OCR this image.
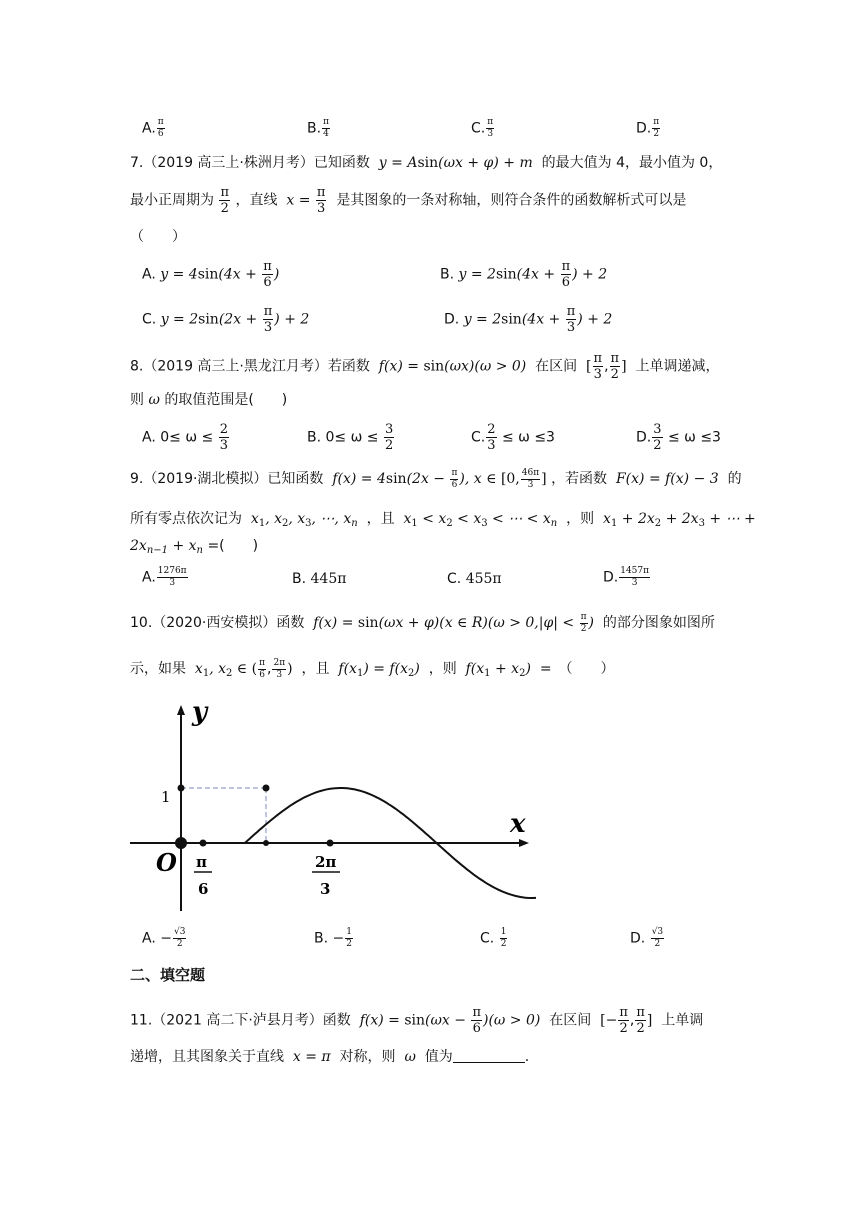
A. $\frac{\pi}{6}$	B. $\frac{\pi}{4}$	C. $\frac{\pi}{3}$	D. $\frac{\pi}{2}$
7.（2019 高三上·株洲月考）已知函数  y = Asin(ωx + φ) + m  的最大值为 4，最小值为 0，
最小正周期为 $\frac{\pi}{2}$ ，直线  $x = \frac{\pi}{3}$ 是其图象的一条对称轴，则符合条件的函数解析式可以是
（　　）
A. $y = 4\sin(4x + \frac{\pi}{6}$ )	B. $y = 2\sin(4x + \frac{\pi}{6}$ ) + 2
C. $y = 2\sin(2x + \frac{\pi}{3}$ ) + 2	D. $y = 2\sin(4x + \frac{\pi}{3}$ ) + 2
8.（2019 高三上·黑龙江月考）若函数  f(x) = sin(ωx)(ω > 0)  在区间  [ $\frac{\pi}{3}$ , $\frac{\pi}{2}$ ]  上单调递减，
则 ω 的取值范围是(　　)
A. $0\le \omega \le \frac{2}{3}$	B. $0\le \omega \le \frac{3}{2}$	C. $\frac{2}{3} \le \omega \le 3$	D. $\frac{3}{2} \le \omega \le 3$
9.（2019·湖北模拟）已知函数  $f(x) = 4\sin(2x - \frac{\pi}{6}$ ), x ∈ [0, $\frac{46\pi}{3}$ ] ，若函数  F(x) = f(x) − 3  的
所有零点依次记为  $x_1$, $x_2$, $x_3$, ⋯, $x_n$ ，且  $x_1 < x_2 < x_3$ < ⋯ < $x_n$ ，则  $x_1 + 2x_2 + 2x_3$ + ⋯ +
$2x_{n-1} + x_n$ =(　　)
A. $\frac{1276\pi}{3}$	B. 445π	C. 455π	D. $\frac{1457\pi}{3}$
10.（2020·西安模拟）函数  f(x) = sin(ωx + φ)(x ∈ $R)(\omega > 0,|\varphi| < \frac{\pi}{2}$ )  的部分图象如图所
示，如果  $x_1$, $x_2$ ∈ ( $\frac{\pi}{6}$ , $\frac{2\pi}{3}$ )  ，且  $f(x_1) = f(x_2)$  ，则  $f(x_1 + x_2)$  =　（　　）
y
x
O
1
π
6
2π
3
A. − $\frac{√3}{2}$	B. − $\frac{1}{2}$	C. $\frac{1}{2}$	D. $\frac{√3}{2}$
二、填空题
11.（2021 高二下·泸县月考）函数  $f(x) = \sin(\omega x - \frac{\pi}{6} )(\omega > 0)$  在区间  [− $\frac{\pi}{2}$ , $\frac{\pi}{2}$ ]  上单调
递增，且其图象关于直线  x = π  对称，则  ω  值为	.
